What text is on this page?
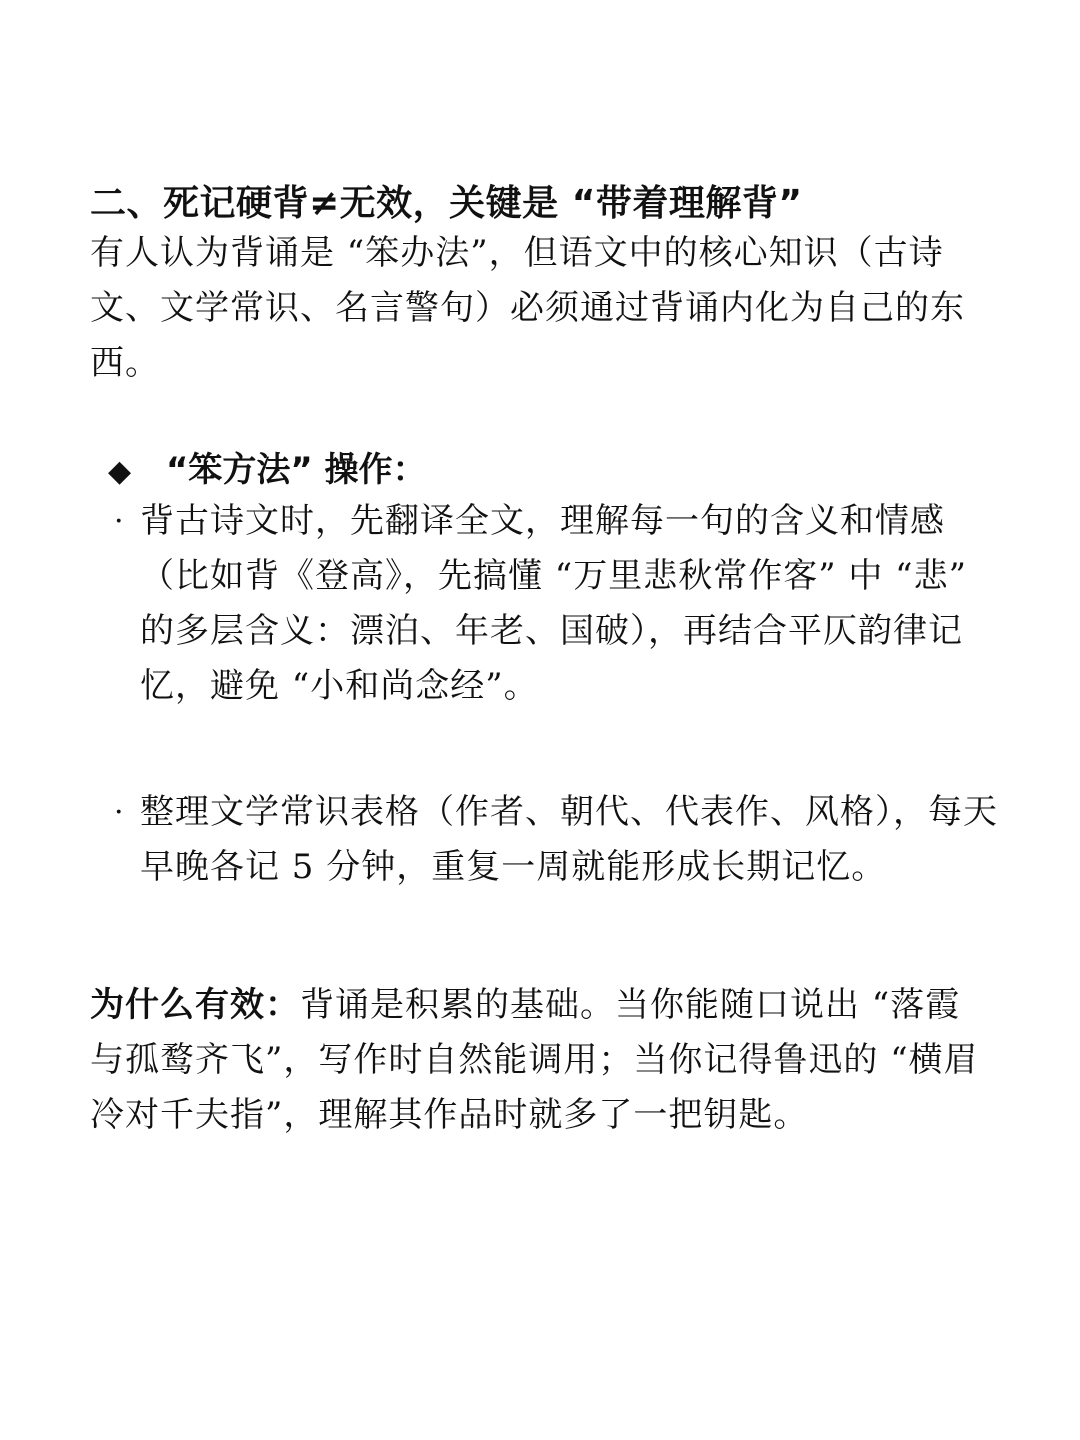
二、死记硬背≠无效，关键是 “带着理解背”

有人认为背诵是 “笨办法”，但语文中的核心知识（古诗文、文学常识、名言警句）必须通过背诵内化为自己的东西。

◆ “笨方法” 操作：
· 背古诗文时，先翻译全文，理解每一句的含义和情感（比如背《登高》，先搞懂 “万里悲秋常作客” 中 “悲” 的多层含义：漂泊、年老、国破），再结合平仄韵律记忆，避免 “小和尚念经”。
· 整理文学常识表格（作者、朝代、代表作、风格），每天早晚各记 5 分钟，重复一周就能形成长期记忆。

为什么有效：背诵是积累的基础。当你能随口说出 “落霞与孤鹜齐飞”，写作时自然能调用；当你记得鲁迅的 “横眉冷对千夫指”，理解其作品时就多了一把钥匙。
